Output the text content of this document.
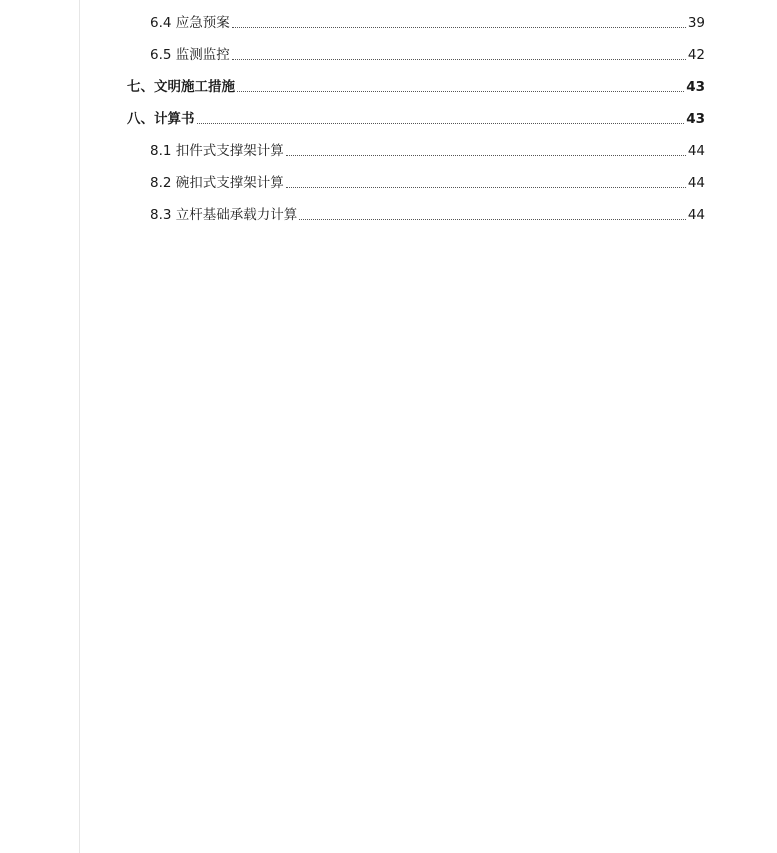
6.4 应急预案	39
6.5 监测监控	42
七、文明施工措施	43
八、计算书	43
8.1 扣件式支撑架计算	44
8.2 碗扣式支撑架计算	44
8.3 立杆基础承载力计算	44
